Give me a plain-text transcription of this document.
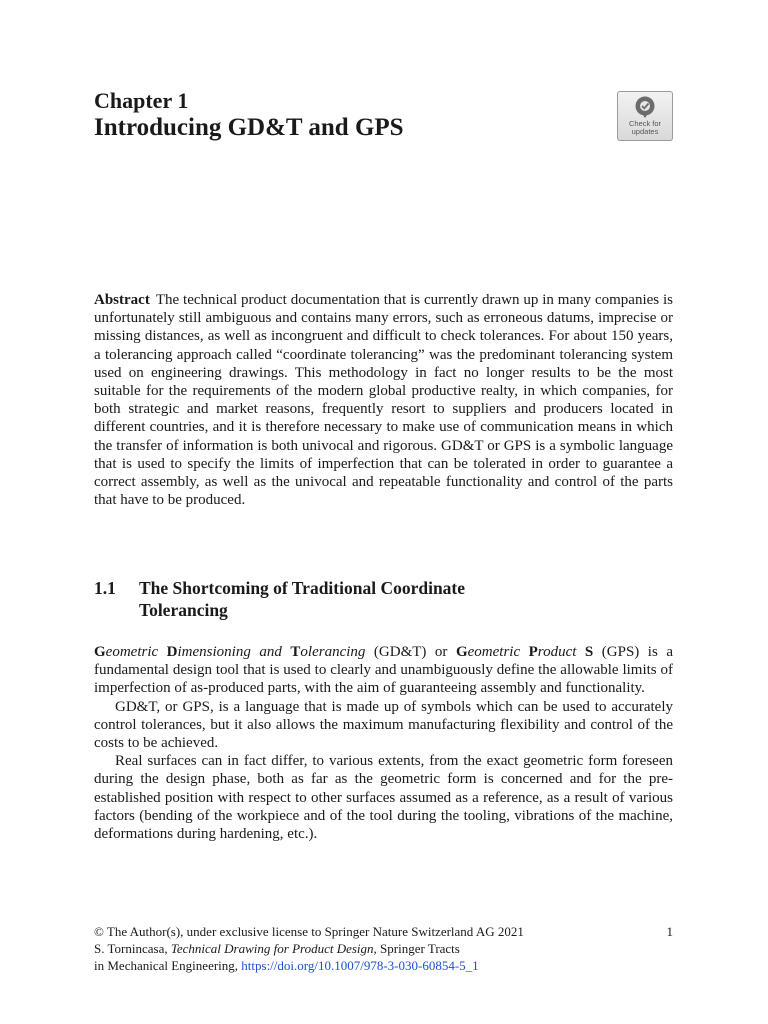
Chapter 1
Introducing GD&T and GPS	Check for
updates
Abstract The technical product documentation that is currently drawn up in many companies is unfortunately still ambiguous and contains many errors, such as erroneous datums, imprecise or missing distances, as well as incongruent and difficult to check tolerances. For about 150 years, a tolerancing approach called “coordinate tolerancing” was the predominant tolerancing system used on engineering drawings. This methodology in fact no longer results to be the most suitable for the requirements of the modern global productive realty, in which companies, for both strategic and market reasons, frequently resort to suppliers and producers located in different countries, and it is therefore necessary to make use of communication means in which the transfer of information is both univocal and rigorous. GD&T or GPS is a symbolic language that is used to specify the limits of imperfection that can be tolerated in order to guarantee a correct assembly, as well as the univocal and repeatable functionality and control of the parts that have to be produced.
1.1 The Shortcoming of Traditional Coordinate
Tolerancing

Geometric Dimensioning and Tolerancing (GD&T) or Geometric Product S (GPS) is a fundamental design tool that is used to clearly and unambiguously define the allowable limits of imperfection of as-produced parts, with the aim of guaranteeing assembly and functionality.

GD&T, or GPS, is a language that is made up of symbols which can be used to accurately control tolerances, but it also allows the maximum manufacturing flexibility and control of the costs to be achieved.

Real surfaces can in fact differ, to various extents, from the exact geometric form foreseen during the design phase, both as far as the geometric form is concerned and for the pre-established position with respect to other surfaces assumed as a reference, as a result of various factors (bending of the workpiece and of the tool during the tooling, vibrations of the machine, deformations during hardening, etc.).

1
© The Author(s), under exclusive license to Springer Nature Switzerland AG 2021
S. Tornincasa, Technical Drawing for Product Design, Springer Tracts
in Mechanical Engineering, https://doi.org/10.1007/978-3-030-60854-5_1
